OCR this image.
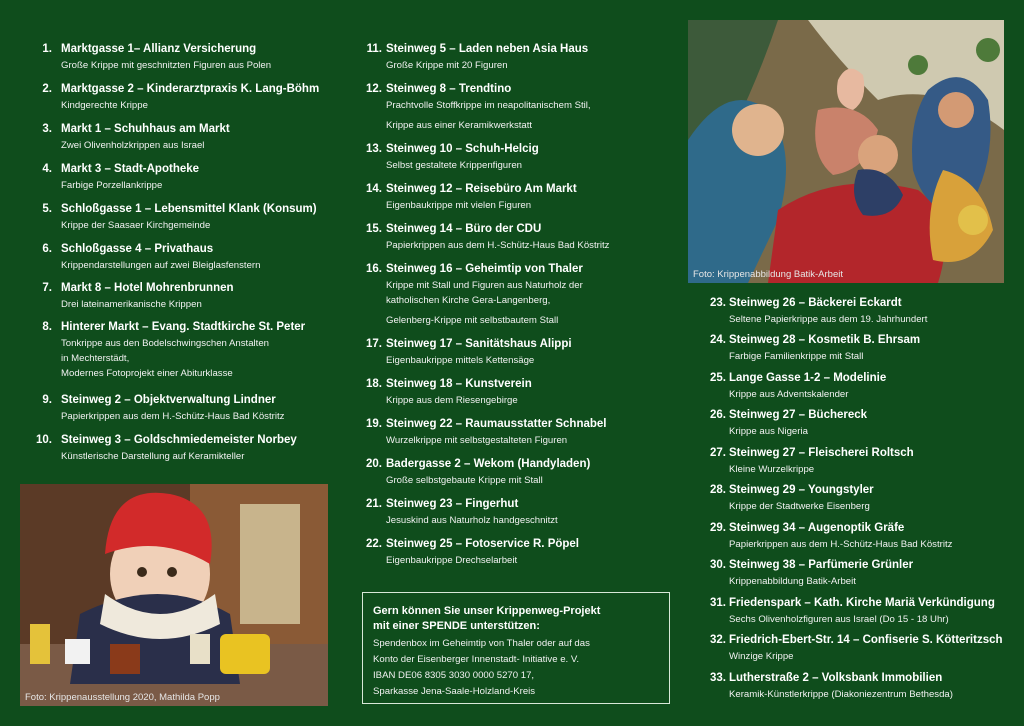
1. Marktgasse 1– Allianz Versicherung
Große Krippe mit geschnitzten Figuren aus Polen
2. Marktgasse 2 – Kinderarztpraxis K. Lang-Böhm
Kindgerechte Krippe
3. Markt 1 – Schuhhaus am Markt
Zwei Olivenholzkrippen aus Israel
4. Markt 3 – Stadt-Apotheke
Farbige Porzellankrippe
5. Schloßgasse 1 – Lebensmittel Klank (Konsum)
Krippe der Saasaer Kirchgemeinde
6. Schloßgasse 4 – Privathaus
Krippendarstellungen auf zwei Bleiglasfenstern
7. Markt 8 – Hotel Mohrenbrunnen
Drei lateinamerikanische Krippen
8. Hinterer Markt – Evang. Stadtkirche St. Peter
Tonkrippe aus den Bodelschwingschen Anstalten
in Mechterstädt,
Modernes Fotoprojekt einer Abiturklasse
9. Steinweg 2 – Objektverwaltung Lindner
Papierkrippen aus dem H.-Schütz-Haus Bad Köstritz
10. Steinweg 3 – Goldschmiedemeister Norbey
Künstlerische Darstellung auf Keramikteller
11. Steinweg 5 – Laden neben Asia Haus
Große Krippe mit 20 Figuren
12. Steinweg 8 – Trendtino
Prachtvolle Stoffkrippe im neapolitanischem Stil,
Krippe aus einer Keramikwerkstatt
13. Steinweg 10 – Schuh-Helcig
Selbst gestaltete Krippenfiguren
14. Steinweg 12 – Reisebüro Am Markt
Eigenbaukrippe mit vielen Figuren
15. Steinweg 14 – Büro der CDU
Papierkrippen aus dem H.-Schütz-Haus Bad Köstritz
16. Steinweg 16 – Geheimtip von Thaler
Krippe mit Stall und Figuren aus Naturholz der
katholischen Kirche Gera-Langenberg,
Gelenberg-Krippe mit selbstbautem Stall
17. Steinweg 17 – Sanitätshaus Alippi
Eigenbaukrippe mittels Kettensäge
18. Steinweg 18 – Kunstverein
Krippe aus dem Riesengebirge
19. Steinweg 22 – Raumausstatter Schnabel
Wurzelkrippe mit selbstgestalteten Figuren
20. Badergasse 2 – Wekom (Handyladen)
Große selbstgebaute Krippe mit Stall
21. Steinweg 23 – Fingerhut
Jesuskind aus Naturholz handgeschnitzt
22. Steinweg 25 – Fotoservice R. Pöpel
Eigenbaukrippe Drechselarbeit
23. Steinweg 26 – Bäckerei Eckardt
Seltene Papierkrippe aus dem 19. Jahrhundert
24. Steinweg 28 – Kosmetik B. Ehrsam
Farbige Familienkrippe mit Stall
25. Lange Gasse 1-2 – Modelinie
Krippe aus Adventskalender
26. Steinweg 27 – Büchereck
Krippe aus Nigeria
27. Steinweg 27 – Fleischerei Roltsch
Kleine Wurzelkrippe
28. Steinweg 29 – Youngstyler
Krippe der Stadtwerke Eisenberg
29. Steinweg 34 – Augenoptik Gräfe
Papierkrippen aus dem H.-Schütz-Haus Bad Köstritz
30. Steinweg 38 – Parfümerie Grünler
Krippenabbildung Batik-Arbeit
31. Friedenspark – Kath. Kirche Mariä Verkündigung
Sechs Olivenholzfiguren aus Israel (Do 15 - 18 Uhr)
32. Friedrich-Ebert-Str. 14 – Confiserie S. Kötteritzsch
Winzige Krippe
33. Lutherstraße 2 – Volksbank Immobilien
Keramik-Künstlerkrippe (Diakoniezentrum Bethesda)
Foto: Krippenabbildung Batik-Arbeit
Foto: Krippenausstellung 2020, Mathilda Popp
Gern können Sie unser Krippenweg-Projekt
mit einer SPENDE unterstützen:
Spendenbox im Geheimtip von Thaler oder auf das
Konto der Eisenberger Innenstadt- Initiative e. V.
IBAN DE06 8305 3030 0000 5270 17,
Sparkasse Jena-Saale-Holzland-Kreis
